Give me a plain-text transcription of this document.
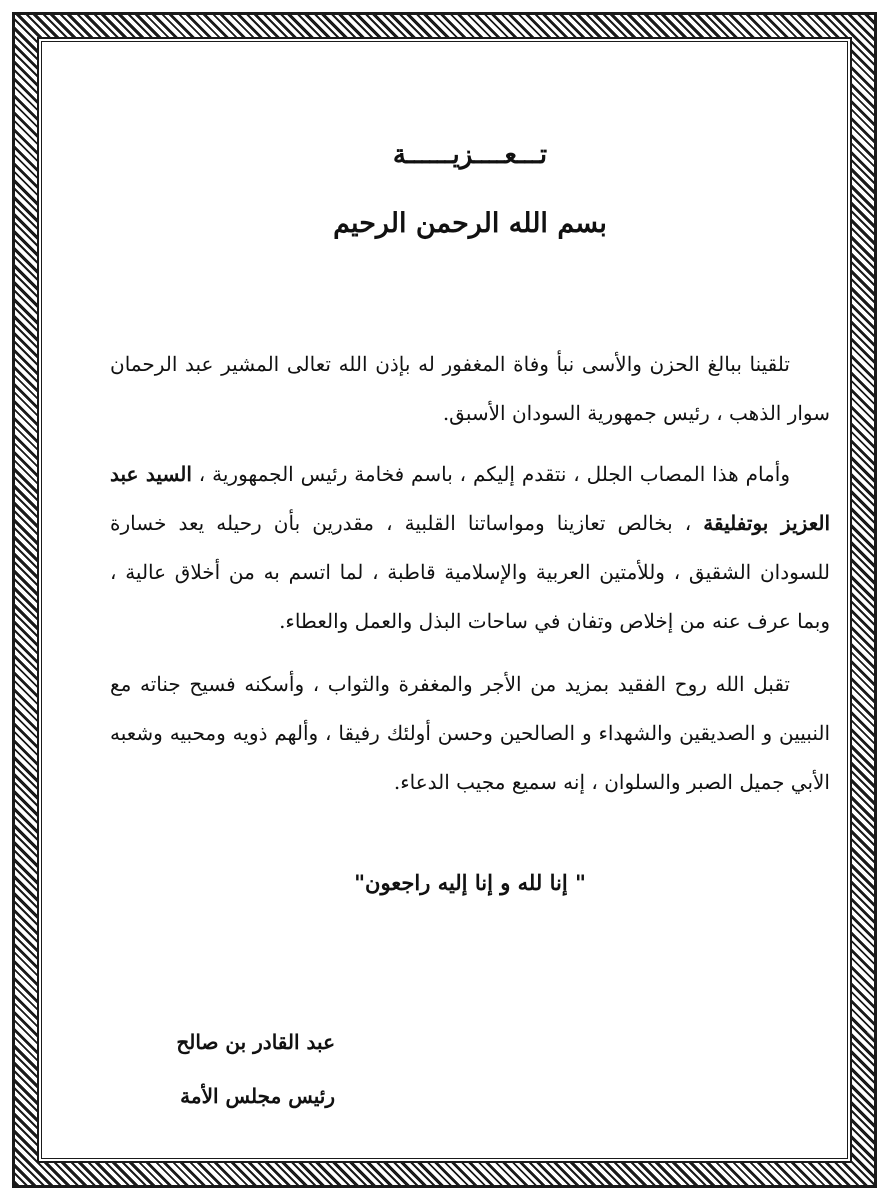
تـــعــــزيــــــة
بسم الله الرحمن الرحيم
تلقينا ببالغ الحزن والأسى نبأ وفاة المغفور له بإذن الله تعالى المشير عبد الرحمان سوار الذهب ، رئيس جمهورية السودان الأسبق.
وأمام هذا المصاب الجلل ، نتقدم إليكم ، باسم فخامة رئيس الجمهورية ، السيد عبد العزيز بوتفليقة ، بخالص تعازينا ومواساتنا القلبية ، مقدرين بأن رحيله يعد خسارة للسودان الشقيق ، وللأمتين العربية والإسلامية قاطبة ، لما اتسم به من أخلاق عالية ، وبما عرف عنه من إخلاص وتفان في ساحات البذل والعمل والعطاء.
تقبل الله روح الفقيد بمزيد من الأجر والمغفرة والثواب ، وأسكنه فسيح جناته مع النبيين و الصديقين والشهداء و الصالحين وحسن أولئك رفيقا ، وألهم ذويه ومحبيه وشعبه الأبي جميل الصبر والسلوان ، إنه سميع مجيب الدعاء.
" إنا لله و إنا إليه راجعون"
عبد القادر بن صالح
رئيس مجلس الأمة
